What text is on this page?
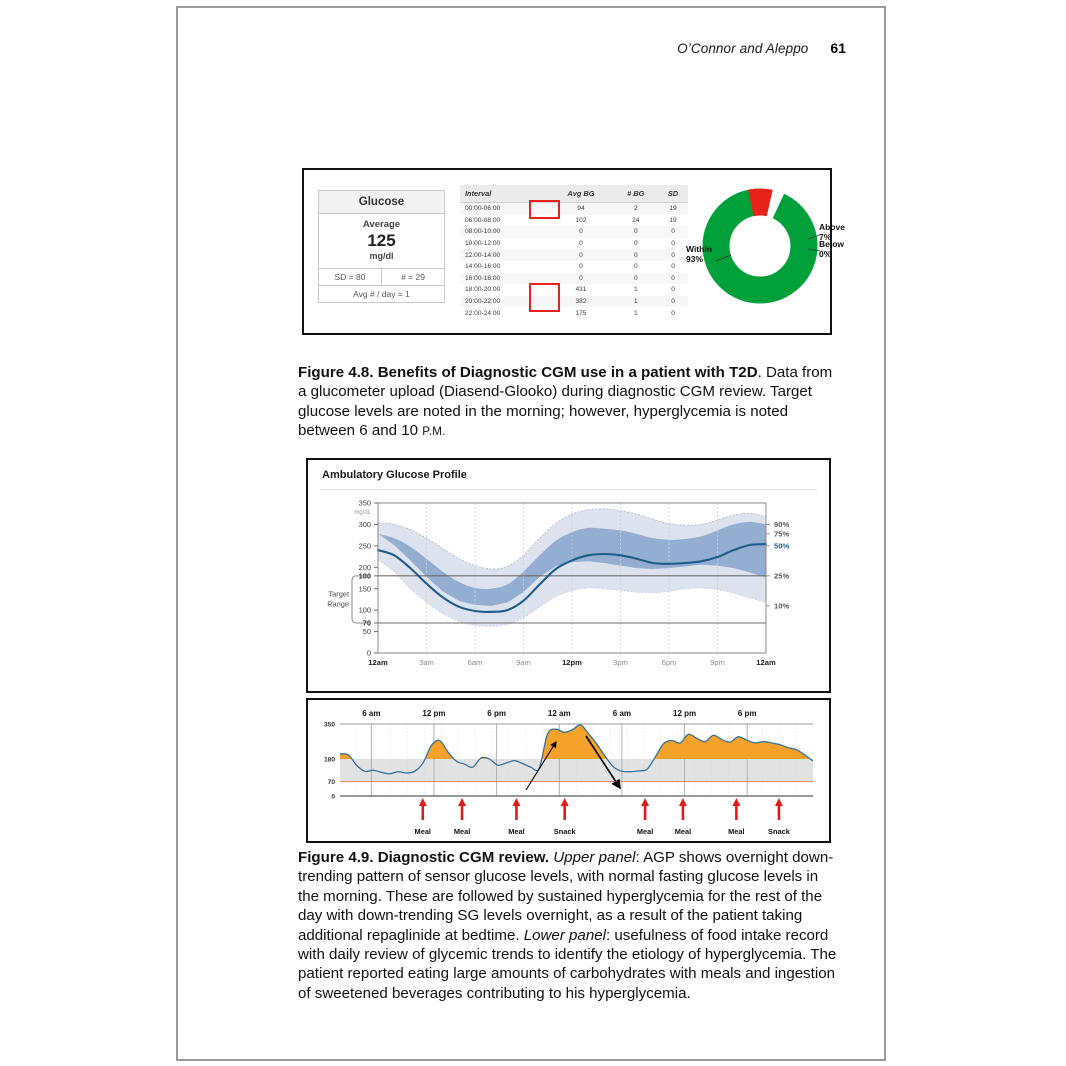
O’Connor and Aleppo 61
Glucose
Average
125
mg/dl
SD = 80	# = 29
Avg # / day = 1
Interval	Avg BG	# BG	SD
00:00-06:00	94	2	19
06:00-08:00	102	24	19
08:00-10:00	0	0	0
10:00-12:00	0	0	0
12:00-14:00	0	0	0
14:00-16:00	0	0	0
16:00-18:00	0	0	0
18:00-20:00	431	1	0
20:00-22:00	382	1	0
22:00-24:00	175	1	0
Within
93%
Above
7%
Below
0%
Figure 4.8. Benefits of Diagnostic CGM use in a patient with T2D. Data from a glucometer upload (Diasend-Glooko) during diagnostic CGM review. Target glucose levels are noted in the morning; however, hyperglycemia is noted between 6 and 10 P.M.
Ambulatory Glucose Profile
0
50
70
100
150
180
200
250
300
350
mg/dL
12am	3am	6am	9am	12pm	3pm	6pm	9pm	12am
90%
75%
50%
25%
10%
Target
Range
0
70
180
350
6 am	12 pm	6 pm	12 am	6 am	12 pm	6 pm
Meal	Meal	Meal	Snack	Meal	Meal	Meal	Snack
Figure 4.9. Diagnostic CGM review. Upper panel: AGP shows overnight down-trending pattern of sensor glucose levels, with normal fasting glucose levels in the morning. These are followed by sustained hyperglycemia for the rest of the day with down-trending SG levels overnight, as a result of the patient taking additional repaglinide at bedtime. Lower panel: usefulness of food intake record with daily review of glycemic trends to identify the etiology of hyperglycemia. The patient reported eating large amounts of carbohydrates with meals and ingestion of sweetened beverages contributing to his hyperglycemia.
